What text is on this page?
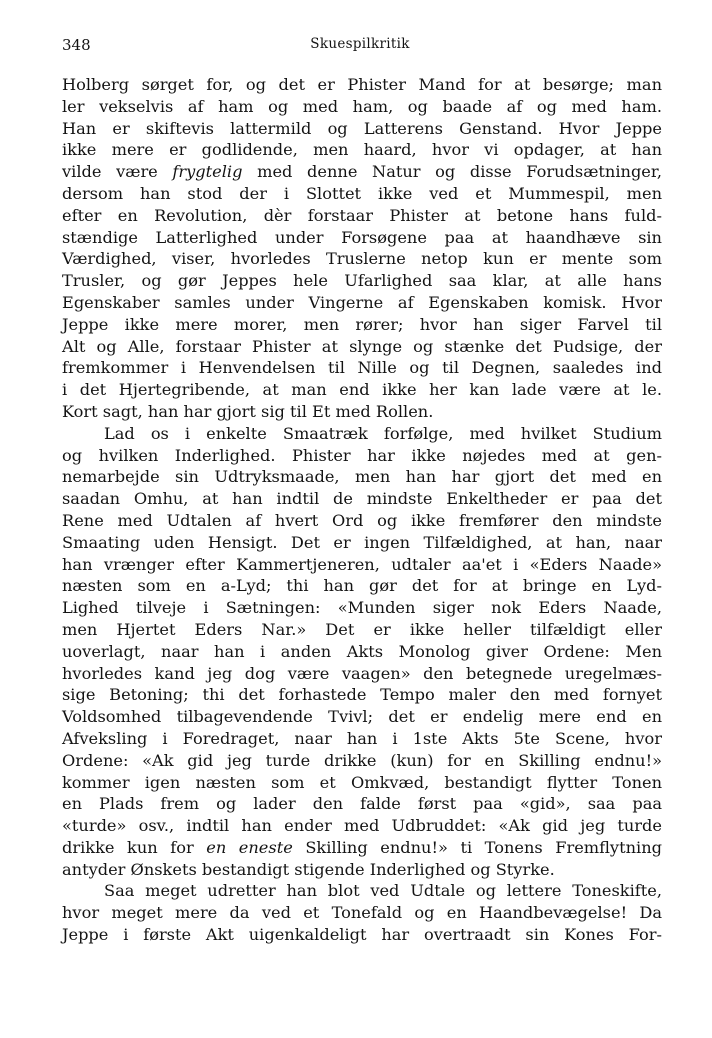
348	Skuespilkritik
Holberg sørget for, og det er Phister Mand for at besørge; man
ler vekselvis af ham og med ham, og baade af og med ham.
Han er skiftevis lattermild og Latterens Genstand. Hvor Jeppe
ikke mere er godlidende, men haard, hvor vi opdager, at han
vilde være frygtelig med denne Natur og disse Forudsætninger,
dersom han stod der i Slottet ikke ved et Mummespil, men
efter en Revolution, dèr forstaar Phister at betone hans fuld-
stændige Latterlighed under Forsøgene paa at haandhæve sin
Værdighed, viser, hvorledes Truslerne netop kun er mente som
Trusler, og gør Jeppes hele Ufarlighed saa klar, at alle hans
Egenskaber samles under Vingerne af Egenskaben komisk. Hvor
Jeppe ikke mere morer, men rører; hvor han siger Farvel til
Alt og Alle, forstaar Phister at slynge og stænke det Pudsige, der
fremkommer i Henvendelsen til Nille og til Degnen, saaledes ind
i det Hjertegribende, at man end ikke her kan lade være at le.
Kort sagt, han har gjort sig til Et med Rollen.
Lad os i enkelte Smaatræk forfølge, med hvilket Studium
og hvilken Inderlighed. Phister har ikke nøjedes med at gen-
nemarbejde sin Udtryksmaade, men han har gjort det med en
saadan Omhu, at han indtil de mindste Enkeltheder er paa det
Rene med Udtalen af hvert Ord og ikke fremfører den mindste
Smaating uden Hensigt. Det er ingen Tilfældighed, at han, naar
han vrænger efter Kammertjeneren, udtaler aa'et i «Eders Naade»
næsten som en a-Lyd; thi han gør det for at bringe en Lyd-
Lighed tilveje i Sætningen: «Munden siger nok Eders Naade,
men Hjertet Eders Nar.» Det er ikke heller tilfældigt eller
uoverlagt, naar han i anden Akts Monolog giver Ordene: Men
hvorledes kand jeg dog være vaagen» den betegnede uregelmæs-
sige Betoning; thi det forhastede Tempo maler den med fornyet
Voldsomhed tilbagevendende Tvivl; det er endelig mere end en
Afveksling i Foredraget, naar han i 1ste Akts 5te Scene, hvor
Ordene: «Ak gid jeg turde drikke (kun) for en Skilling endnu!»
kommer igen næsten som et Omkvæd, bestandigt flytter Tonen
en Plads frem og lader den falde først paa «gid», saa paa
«turde» osv., indtil han ender med Udbruddet: «Ak gid jeg turde
drikke kun for en eneste Skilling endnu!» ti Tonens Fremflytning
antyder Ønskets bestandigt stigende Inderlighed og Styrke.
Saa meget udretter han blot ved Udtale og lettere Toneskifte,
hvor meget mere da ved et Tonefald og en Haandbevægelse! Da
Jeppe i første Akt uigenkaldeligt har overtraadt sin Kones For-
